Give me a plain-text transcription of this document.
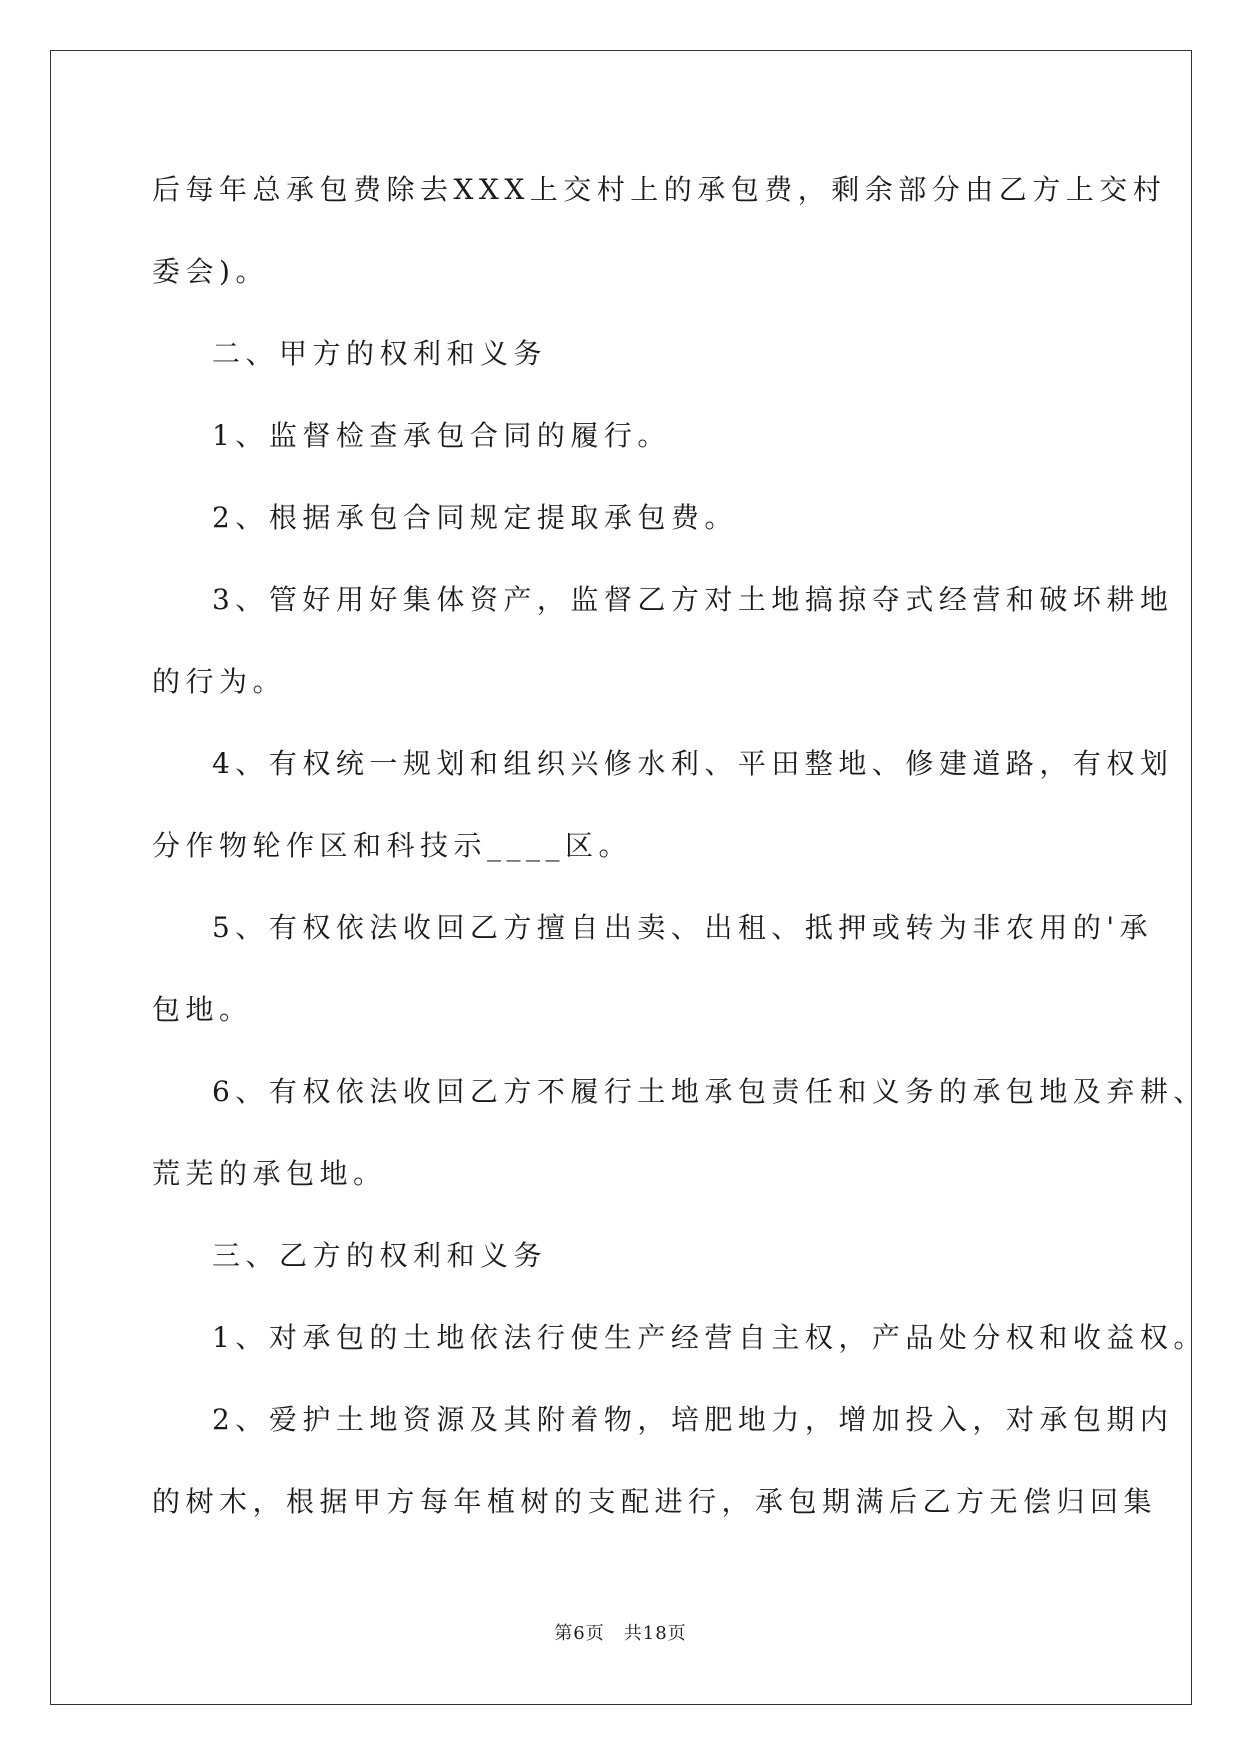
后每年总承包费除去XXX上交村上的承包费，剩余部分由乙方上交村
委会)。
二、甲方的权利和义务
1、监督检查承包合同的履行。
2、根据承包合同规定提取承包费。
3、管好用好集体资产，监督乙方对土地搞掠夺式经营和破坏耕地
的行为。
4、有权统一规划和组织兴修水利、平田整地、修建道路，有权划
分作物轮作区和科技示____区。
5、有权依法收回乙方擅自出卖、出租、抵押或转为非农用的'承
包地。
6、有权依法收回乙方不履行土地承包责任和义务的承包地及弃耕、
荒芜的承包地。
三、乙方的权利和义务
1、对承包的土地依法行使生产经营自主权，产品处分权和收益权。
2、爱护土地资源及其附着物，培肥地力，增加投入，对承包期内
的树木，根据甲方每年植树的支配进行，承包期满后乙方无偿归回集
第6页　共18页
